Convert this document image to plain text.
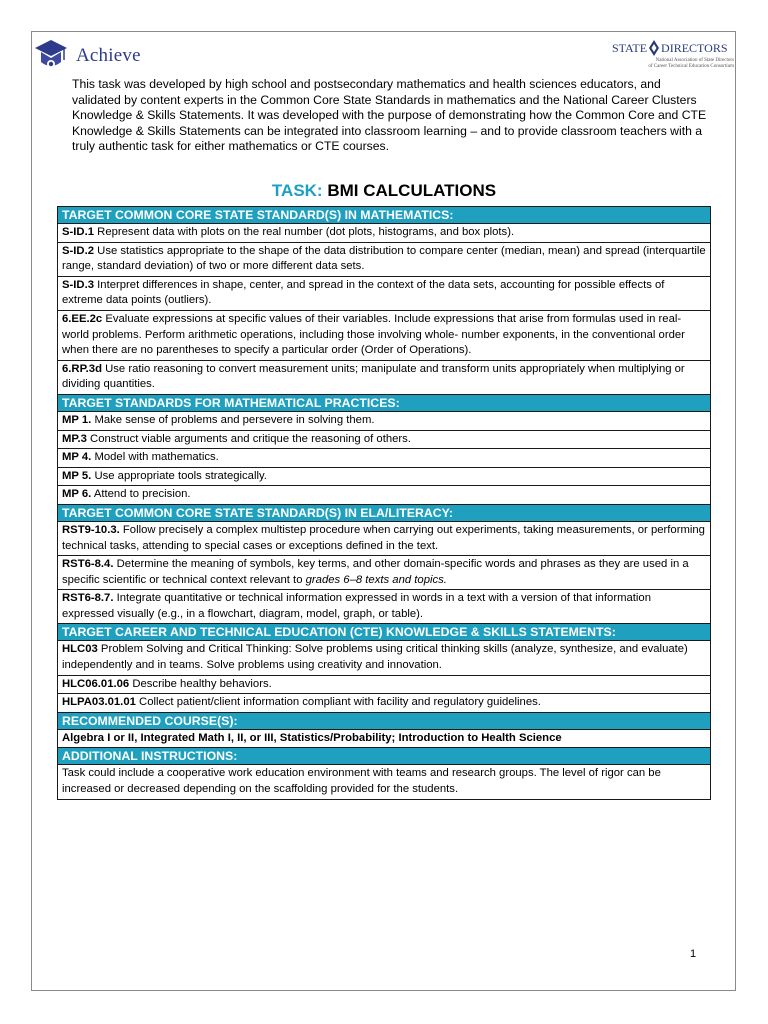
Achieve	STATE DIRECTORS
National Association of State Directors
of Career Technical Education Consortium
This task was developed by high school and postsecondary mathematics and health sciences educators, and validated by content experts in the Common Core State Standards in mathematics and the National Career Clusters Knowledge & Skills Statements. It was developed with the purpose of demonstrating how the Common Core and CTE Knowledge & Skills Statements can be integrated into classroom learning – and to provide classroom teachers with a truly authentic task for either mathematics or CTE courses.
TASK: BMI CALCULATIONS
TARGET COMMON CORE STATE STANDARD(S) IN MATHEMATICS:
S-ID.1 Represent data with plots on the real number (dot plots, histograms, and box plots).
S-ID.2 Use statistics appropriate to the shape of the data distribution to compare center (median, mean) and spread (interquartile range, standard deviation) of two or more different data sets.
S-ID.3 Interpret differences in shape, center, and spread in the context of the data sets, accounting for possible effects of extreme data points (outliers).
6.EE.2c Evaluate expressions at specific values of their variables. Include expressions that arise from formulas used in real-world problems. Perform arithmetic operations, including those involving whole- number exponents, in the conventional order when there are no parentheses to specify a particular order (Order of Operations).
6.RP.3d Use ratio reasoning to convert measurement units; manipulate and transform units appropriately when multiplying or dividing quantities.
TARGET STANDARDS FOR MATHEMATICAL PRACTICES:
MP 1. Make sense of problems and persevere in solving them.
MP.3 Construct viable arguments and critique the reasoning of others.
MP 4. Model with mathematics.
MP 5. Use appropriate tools strategically.
MP 6. Attend to precision.
TARGET COMMON CORE STATE STANDARD(S) IN ELA/LITERACY:
RST9-10.3. Follow precisely a complex multistep procedure when carrying out experiments, taking measurements, or performing technical tasks, attending to special cases or exceptions defined in the text.
RST6-8.4. Determine the meaning of symbols, key terms, and other domain-specific words and phrases as they are used in a specific scientific or technical context relevant to grades 6–8 texts and topics.
RST6-8.7. Integrate quantitative or technical information expressed in words in a text with a version of that information expressed visually (e.g., in a flowchart, diagram, model, graph, or table).
TARGET CAREER AND TECHNICAL EDUCATION (CTE) KNOWLEDGE & SKILLS STATEMENTS:
HLC03 Problem Solving and Critical Thinking: Solve problems using critical thinking skills (analyze, synthesize, and evaluate) independently and in teams. Solve problems using creativity and innovation.
HLC06.01.06 Describe healthy behaviors.
HLPA03.01.01 Collect patient/client information compliant with facility and regulatory guidelines.
RECOMMENDED COURSE(S):
Algebra I or II, Integrated Math I, II, or III, Statistics/Probability; Introduction to Health Science
ADDITIONAL INSTRUCTIONS:
Task could include a cooperative work education environment with teams and research groups. The level of rigor can be increased or decreased depending on the scaffolding provided for the students.
1
